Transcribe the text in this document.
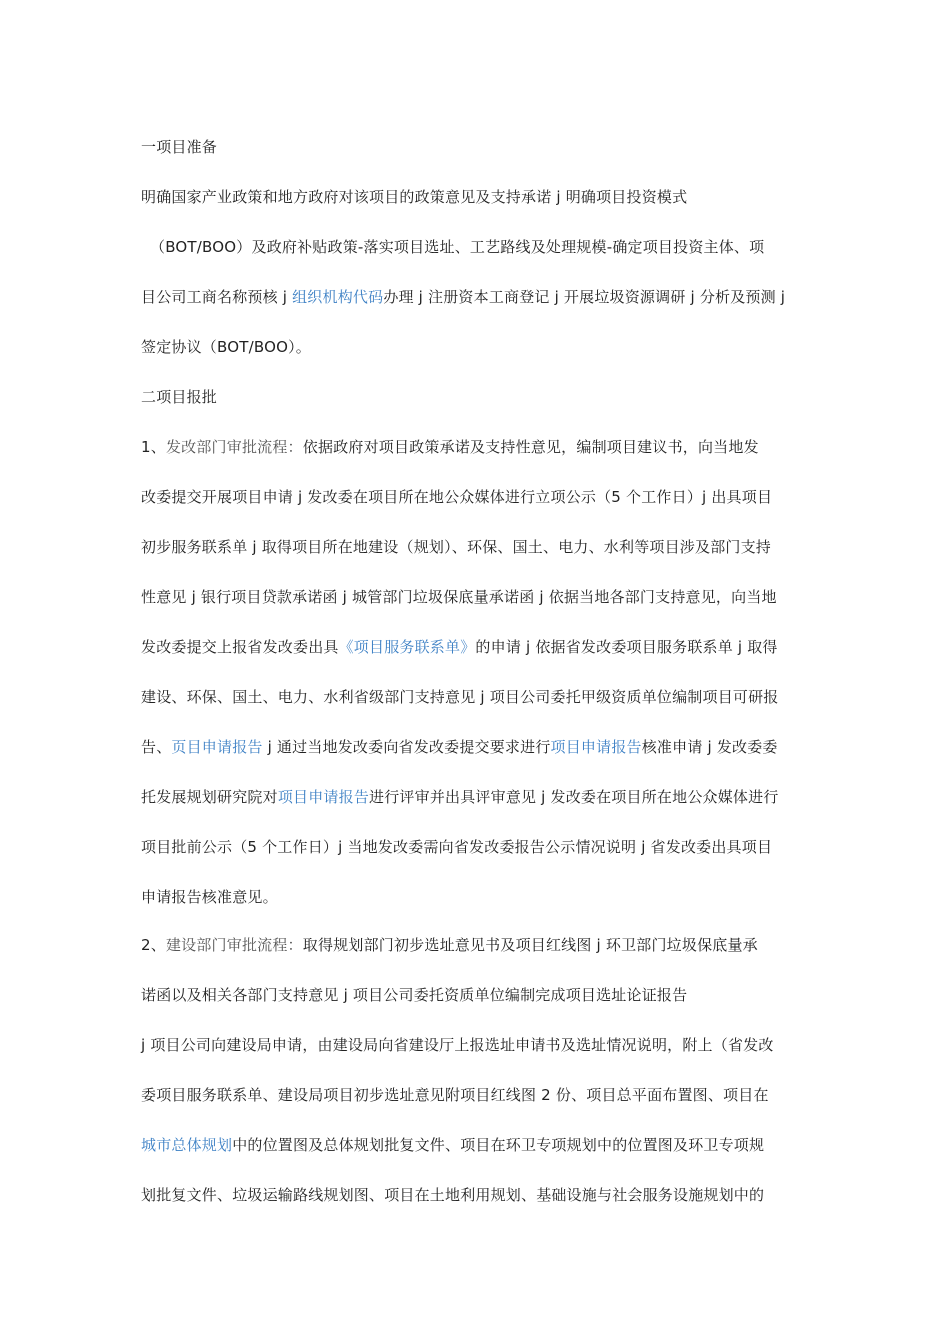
一项目准备
明确国家产业政策和地方政府对该项目的政策意见及支持承诺 j 明确项目投资模式
（BOT/BOO）及政府补贴政策-落实项目选址、工艺路线及处理规模-确定项目投资主体、项
目公司工商名称预核 j 组织机构代码办理 j 注册资本工商登记 j 开展垃圾资源调研 j 分析及预测 j
签定协议（BOT/BOO）。
二项目报批
1、发改部门审批流程：依据政府对项目政策承诺及支持性意见，编制项目建议书，向当地发
改委提交开展项目申请 j 发改委在项目所在地公众媒体进行立项公示（5 个工作日）j 出具项目
初步服务联系单 j 取得项目所在地建设（规划）、环保、国土、电力、水利等项目涉及部门支持
性意见 j 银行项目贷款承诺函 j 城管部门垃圾保底量承诺函 j 依据当地各部门支持意见，向当地
发改委提交上报省发改委出具《项目服务联系单》的申请 j 依据省发改委项目服务联系单 j 取得
建设、环保、国土、电力、水利省级部门支持意见 j 项目公司委托甲级资质单位编制项目可研报
告、页目申请报告 j 通过当地发改委向省发改委提交要求进行项目申请报告核准申请 j 发改委委
托发展规划研究院对项目申请报告进行评审并出具评审意见 j 发改委在项目所在地公众媒体进行
项目批前公示（5 个工作日）j 当地发改委需向省发改委报告公示情况说明 j 省发改委出具项目
申请报告核准意见。
2、建设部门审批流程：取得规划部门初步选址意见书及项目红线图 j 环卫部门垃圾保底量承
诺函以及相关各部门支持意见 j 项目公司委托资质单位编制完成项目选址论证报告
j 项目公司向建设局申请，由建设局向省建设厅上报选址申请书及选址情况说明，附上（省发改
委项目服务联系单、建设局项目初步选址意见附项目红线图 2 份、项目总平面布置图、项目在
城市总体规划中的位置图及总体规划批复文件、项目在环卫专项规划中的位置图及环卫专项规
划批复文件、垃圾运输路线规划图、项目在土地利用规划、基础设施与社会服务设施规划中的
